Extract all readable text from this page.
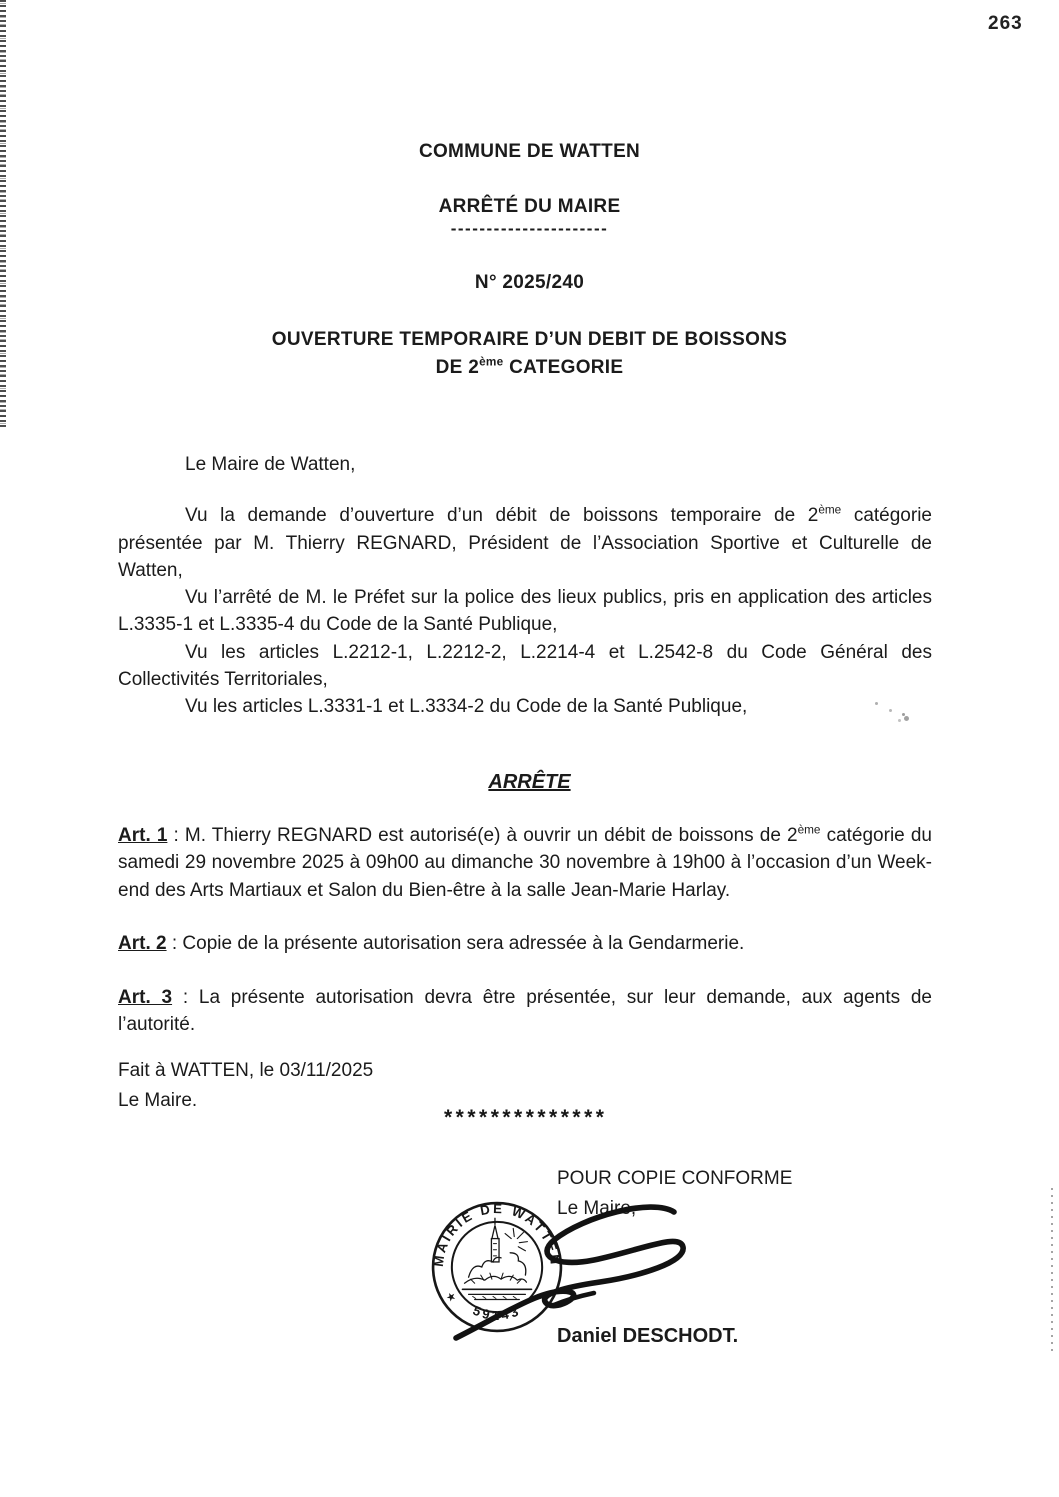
263
COMMUNE DE WATTEN
ARRÊTÉ DU MAIRE
----------------------
N° 2025/240
OUVERTURE TEMPORAIRE D’UN DEBIT DE BOISSONS
DE 2ème CATEGORIE

Le Maire de Watten,

Vu la demande d’ouverture d’un débit de boissons temporaire de 2ème catégorie présentée par M. Thierry REGNARD, Président de l’Association Sportive et Culturelle de Watten,

Vu l’arrêté de M. le Préfet sur la police des lieux publics, pris en application des articles L.3335-1 et L.3335-4 du Code de la Santé Publique,

Vu les articles L.2212-1, L.2212-2, L.2214-4 et L.2542-8 du Code Général des Collectivités Territoriales,

Vu les articles L.3331-1 et L.3334-2 du Code de la Santé Publique,

ARRÊTE

Art. 1 : M. Thierry REGNARD est autorisé(e) à ouvrir un débit de boissons de 2ème catégorie du samedi 29 novembre 2025 à 09h00 au dimanche 30 novembre à 19h00 à l’occasion d’un Week-end des Arts Martiaux et Salon du Bien-être à la salle Jean-Marie Harlay.

Art. 2 : Copie de la présente autorisation sera adressée à la Gendarmerie.

Art. 3 : La présente autorisation devra être présentée, sur leur demande, aux agents de l’autorité.

Fait à WATTEN, le 03/11/2025
Le Maire.
**************
POUR COPIE CONFORME
Le Maire,
MAIRIE DE WATTEN
59143
★	★
Daniel DESCHODT.
